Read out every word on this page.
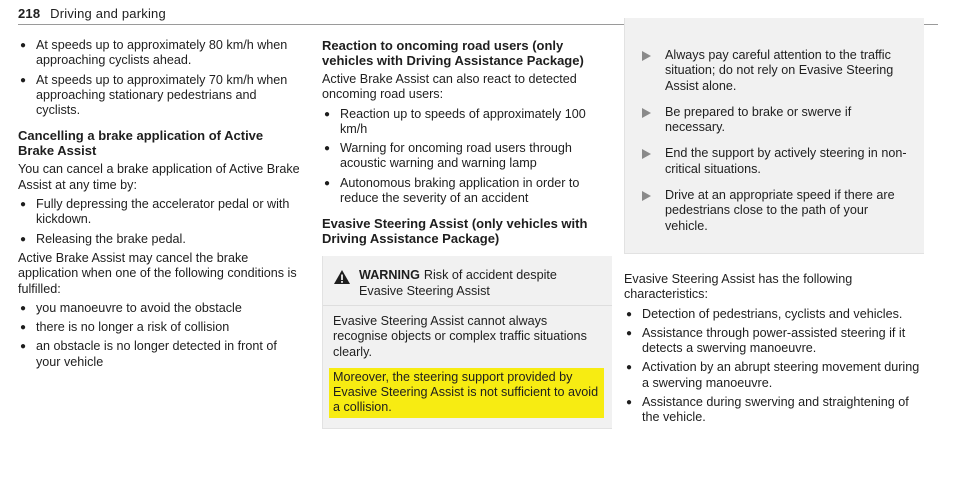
218 Driving and parking
● At speeds up to approximately 80 km/h when approaching cyclists ahead.
● At speeds up to approximately 70 km/h when approaching stationary pedestrians and cyclists.
Cancelling a brake application of Active Brake Assist

You can cancel a brake application of Active Brake Assist at any time by:

● Fully depressing the accelerator pedal or with kickdown.
● Releasing the brake pedal.

Active Brake Assist may cancel the brake application when one of the following conditions is fulfilled:

● you manoeuvre to avoid the obstacle
● there is no longer a risk of collision
● an obstacle is no longer detected in front of your vehicle
Reaction to oncoming road users (only vehicles with Driving Assistance Package)

Active Brake Assist can also react to detected oncoming road users:

● Reaction up to speeds of approximately 100 km/h
● Warning for oncoming road users through acoustic warning and warning lamp
● Autonomous braking application in order to reduce the severity of an accident
Evasive Steering Assist (only vehicles with Driving Assistance Package)
WARNING Risk of accident despite Evasive Steering Assist

Evasive Steering Assist cannot always recognise objects or complex traffic situations clearly.

Moreover, the steering support provided by Evasive Steering Assist is not sufficient to avoid a collision.
Always pay careful attention to the traffic situation; do not rely on Evasive Steering Assist alone.
Be prepared to brake or swerve if necessary.
End the support by actively steering in non-critical situations.
Drive at an appropriate speed if there are pedestrians close to the path of your vehicle.

Evasive Steering Assist has the following characteristics:

● Detection of pedestrians, cyclists and vehicles.
● Assistance through power-assisted steering if it detects a swerving manoeuvre.
● Activation by an abrupt steering movement during a swerving manoeuvre.
● Assistance during swerving and straightening of the vehicle.
